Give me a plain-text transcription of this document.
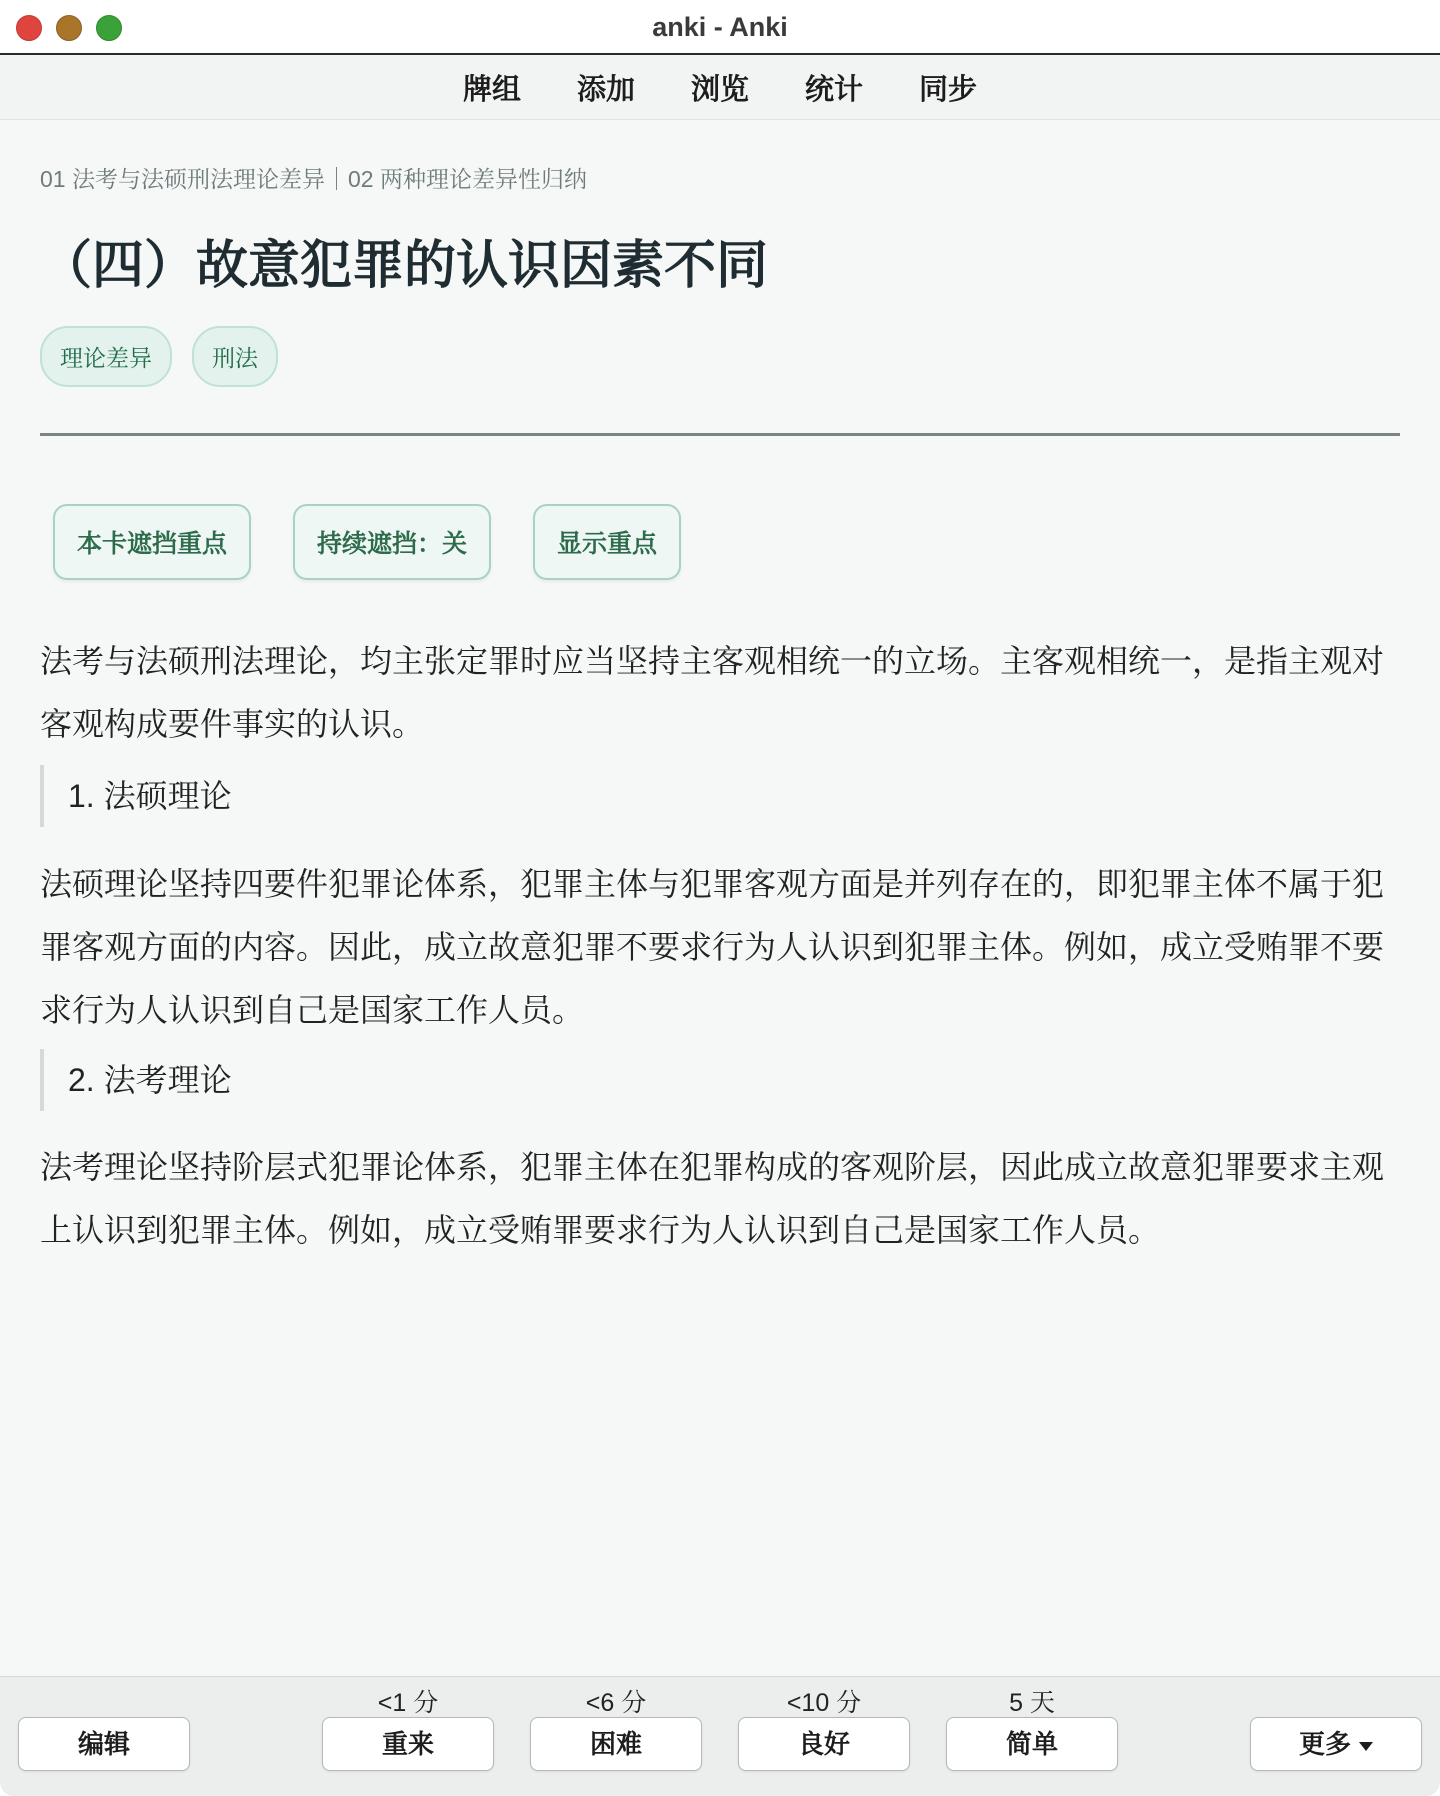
anki - Anki
牌组	添加	浏览	统计	同步
01 法考与法硕刑法理论差异｜02 两种理论差异性归纳
（四）故意犯罪的认识因素不同
理论差异	刑法
本卡遮挡重点	持续遮挡：关	显示重点
法考与法硕刑法理论，均主张定罪时应当坚持主客观相统一的立场。主客观相统一，是指主观对客观构成要件事实的认识。
1. 法硕理论
法硕理论坚持四要件犯罪论体系，犯罪主体与犯罪客观方面是并列存在的，即犯罪主体不属于犯罪客观方面的内容。因此，成立故意犯罪不要求行为人认识到犯罪主体。例如，成立受贿罪不要求行为人认识到自己是国家工作人员。
2. 法考理论
法考理论坚持阶层式犯罪论体系，犯罪主体在犯罪构成的客观阶层，因此成立故意犯罪要求主观上认识到犯罪主体。例如，成立受贿罪要求行为人认识到自己是国家工作人员。
编辑
<1 分
重来
<6 分
困难
<10 分
良好
5 天
简单	更多
